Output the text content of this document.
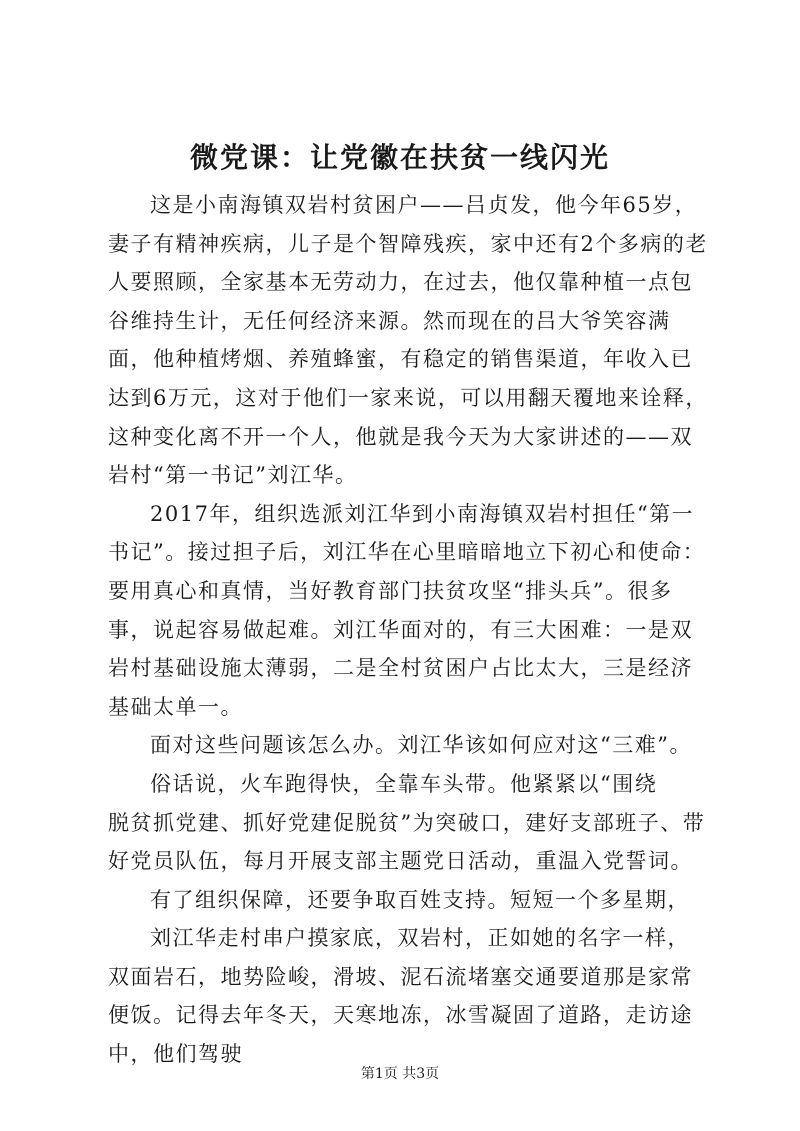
微党课：让党徽在扶贫一线闪光

这是小南海镇双岩村贫困户——吕贞发，他今年65岁，妻子有精神疾病，儿子是个智障残疾，家中还有2个多病的老人要照顾，全家基本无劳动力，在过去，他仅靠种植一点包谷维持生计，无任何经济来源。然而现在的吕大爷笑容满面，他种植烤烟、养殖蜂蜜，有稳定的销售渠道，年收入已达到6万元，这对于他们一家来说，可以用翻天覆地来诠释，这种变化离不开一个人，他就是我今天为大家讲述的——双岩村“第一书记”刘江华。

2017年，组织选派刘江华到小南海镇双岩村担任“第一书记”。接过担子后，刘江华在心里暗暗地立下初心和使命：要用真心和真情，当好教育部门扶贫攻坚“排头兵”。很多事，说起容易做起难。刘江华面对的，有三大困难：一是双岩村基础设施太薄弱，二是全村贫困户占比太大，三是经济基础太单一。

面对这些问题该怎么办。刘江华该如何应对这“三难”。

俗话说，火车跑得快，全靠车头带。他紧紧以“围绕

脱贫抓党建、抓好党建促脱贫”为突破口，建好支部班子、带好党员队伍，每月开展支部主题党日活动，重温入党誓词。

有了组织保障，还要争取百姓支持。短短一个多星期，

刘江华走村串户摸家底，双岩村，正如她的名字一样，双面岩石，地势险峻，滑坡、泥石流堵塞交通要道那是家常便饭。记得去年冬天，天寒地冻，冰雪凝固了道路，走访途中，他们驾驶

第1页 共3页
